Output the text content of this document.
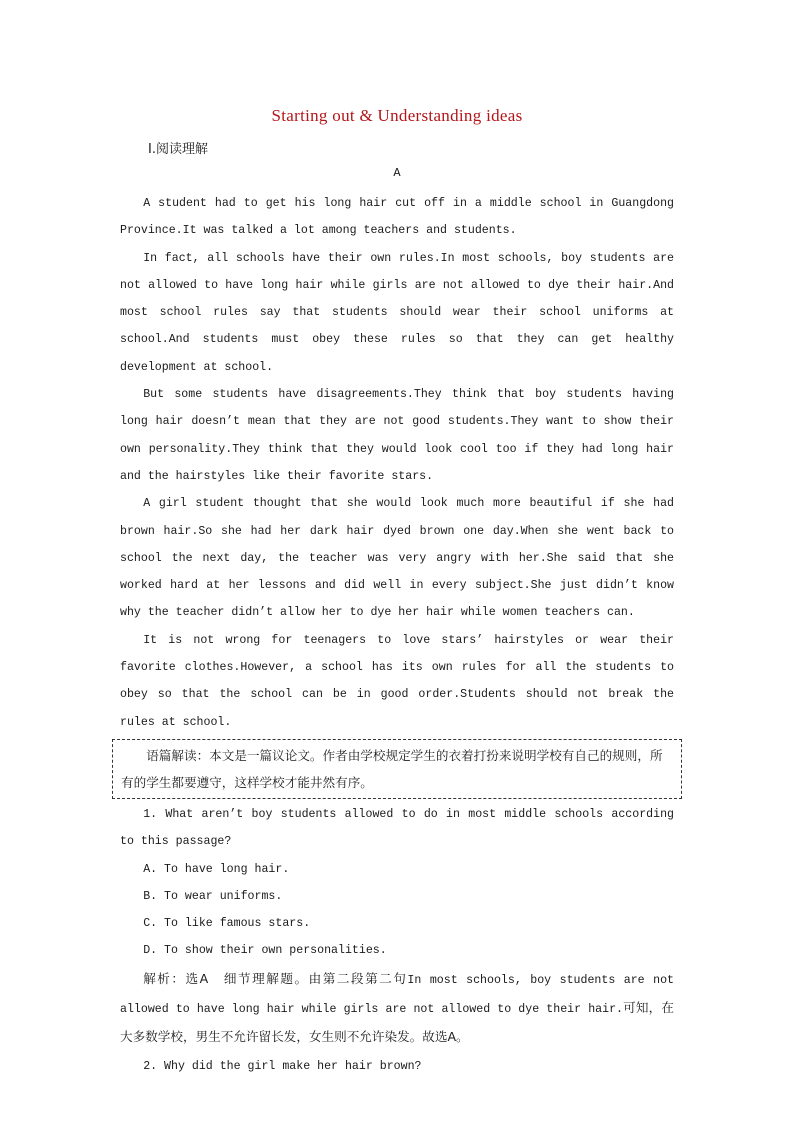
Starting out & Understanding ideas
Ⅰ.阅读理解
A

A student had to get his long hair cut off in a middle school in Guangdong Province.It was talked a lot among teachers and students.

In fact, all schools have their own rules.In most schools, boy students are not allowed to have long hair while girls are not allowed to dye their hair.And most school rules say that students should wear their school uniforms at school.And students must obey these rules so that they can get healthy development at school.

But some students have disagreements.They think that boy students having long hair doesn’t mean that they are not good students.They want to show their own personality.They think that they would look cool too if they had long hair and the hairstyles like their favorite stars.

A girl student thought that she would look much more beautiful if she had brown hair.So she had her dark hair dyed brown one day.When she went back to school the next day, the teacher was very angry with her.She said that she worked hard at her lessons and did well in every subject.She just didn’t know why the teacher didn’t allow her to dye her hair while women teachers can.

It is not wrong for teenagers to love stars’ hairstyles or wear their favorite clothes.However, a school has its own rules for all the students to obey so that the school can be in good order.Students should not break the rules at school.

语篇解读：本文是一篇议论文。作者由学校规定学生的衣着打扮来说明学校有自己的规则，所有的学生都要遵守，这样学校才能井然有序。

1. What aren’t boy students allowed to do in most middle schools according to this passage?

A. To have long hair.

B. To wear uniforms.

C. To like famous stars.

D. To show their own personalities.

解析：选A　细节理解题。由第二段第二句In most schools, boy students are not allowed to have long hair while girls are not allowed to dye their hair.可知，在大多数学校，男生不允许留长发，女生则不允许染发。故选A。

2. Why did the girl make her hair brown?
